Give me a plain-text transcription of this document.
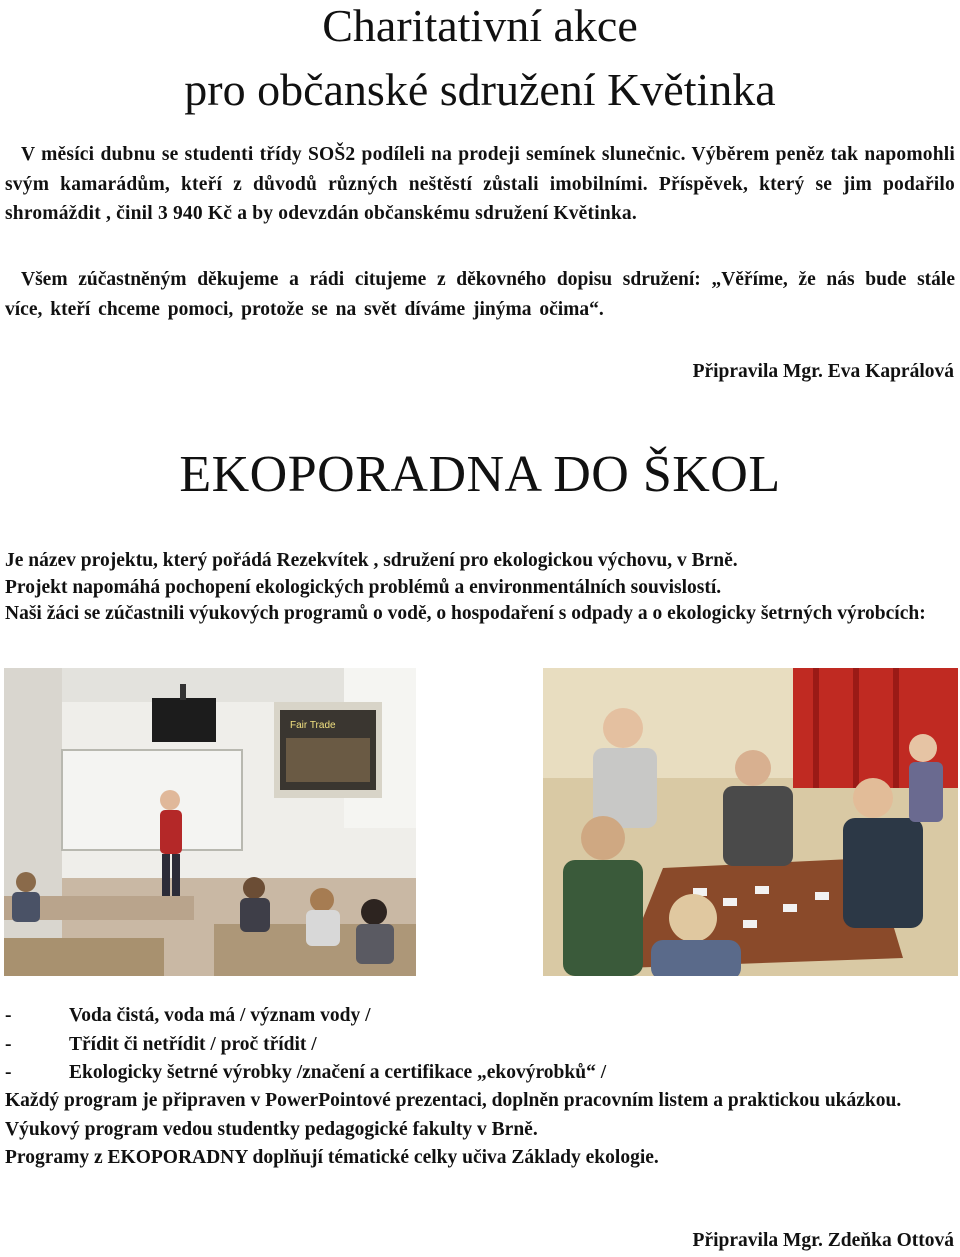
Charitativní akce
pro občanské sdružení Květinka

V měsíci dubnu se studenti třídy SOŠ2 podíleli na prodeji semínek slunečnic. Výběrem peněz tak napomohli svým kamarádům, kteří z důvodů různých neštěstí zůstali imobilními. Příspěvek, který se jim podařilo shromáždit , činil 3 940 Kč a by odevzdán občanskému sdružení Květinka.

Všem zúčastněným děkujeme a rádi citujeme z děkovného dopisu sdružení: „Věříme, že nás bude stále více, kteří chceme pomoci, protože se na svět díváme jinýma očima“.

Připravila Mgr. Eva Kaprálová

EKOPORADNA DO ŠKOL
Je název projektu, který pořádá Rezekvítek , sdružení pro ekologickou výchovu, v Brně.
Projekt napomáhá pochopení ekologických problémů a environmentálních souvislostí.
Naši žáci se zúčastnili výukových programů o vodě, o hospodaření s odpady a o ekologicky šetrných výrobcích:
Fair Trade
-	Voda čistá, voda má / význam vody /
-	Třídit či netřídit / proč třídit /
-	Ekologicky šetrné výrobky /značení a certifikace „ekovýrobků“ /
Každý program je připraven v PowerPointové prezentaci, doplněn pracovním listem a praktickou ukázkou.
Výukový program vedou studentky pedagogické fakulty v Brně.
Programy z EKOPORADNY doplňují tématické celky učiva Základy ekologie.

Připravila Mgr. Zdeňka Ottová
